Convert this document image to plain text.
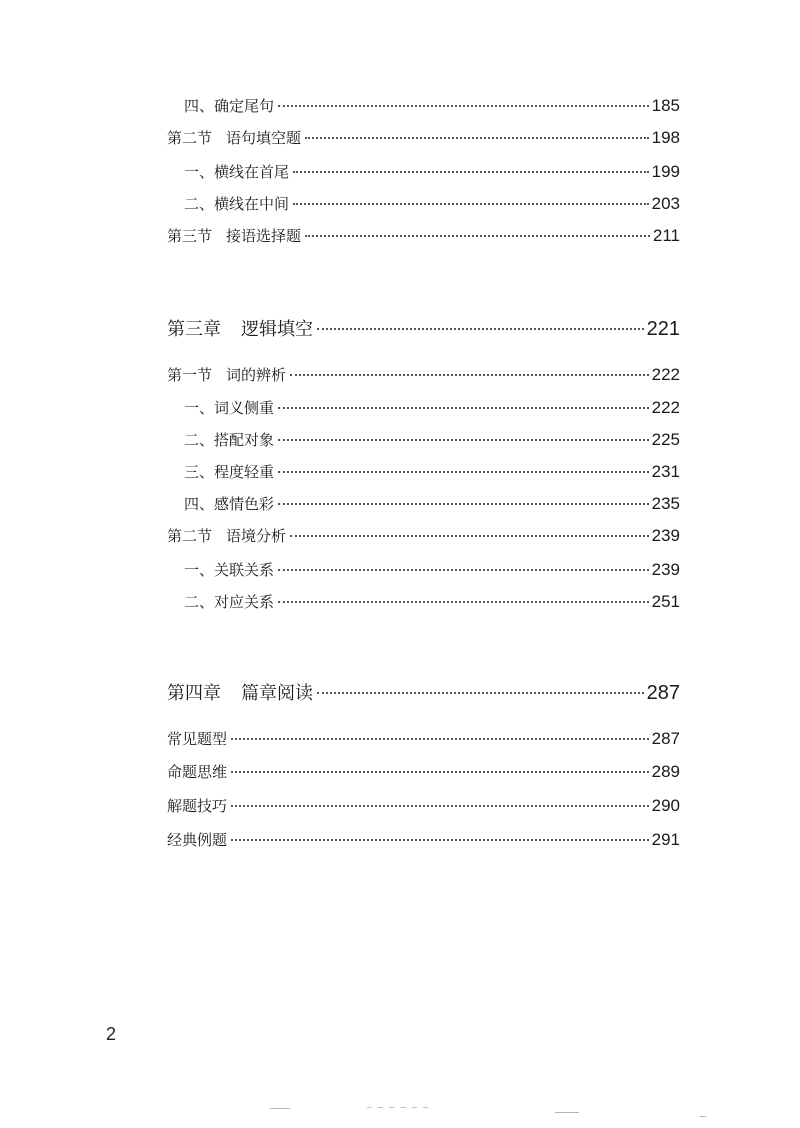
四、确定尾句	185
第二节 语句填空题	198
一、横线在首尾	199
二、横线在中间	203
第三节 接语选择题	211
第三章 逻辑填空	221
第一节 词的辨析	222
一、词义侧重	222
二、搭配对象	225
三、程度轻重	231
四、感情色彩	235
第二节 语境分析	239
一、关联关系	239
二、对应关系	251
第四章 篇章阅读	287
常见题型	287
命题思维	289
解题技巧	290
经典例题	291
2
~ ~ ~ ~ ~ ~
